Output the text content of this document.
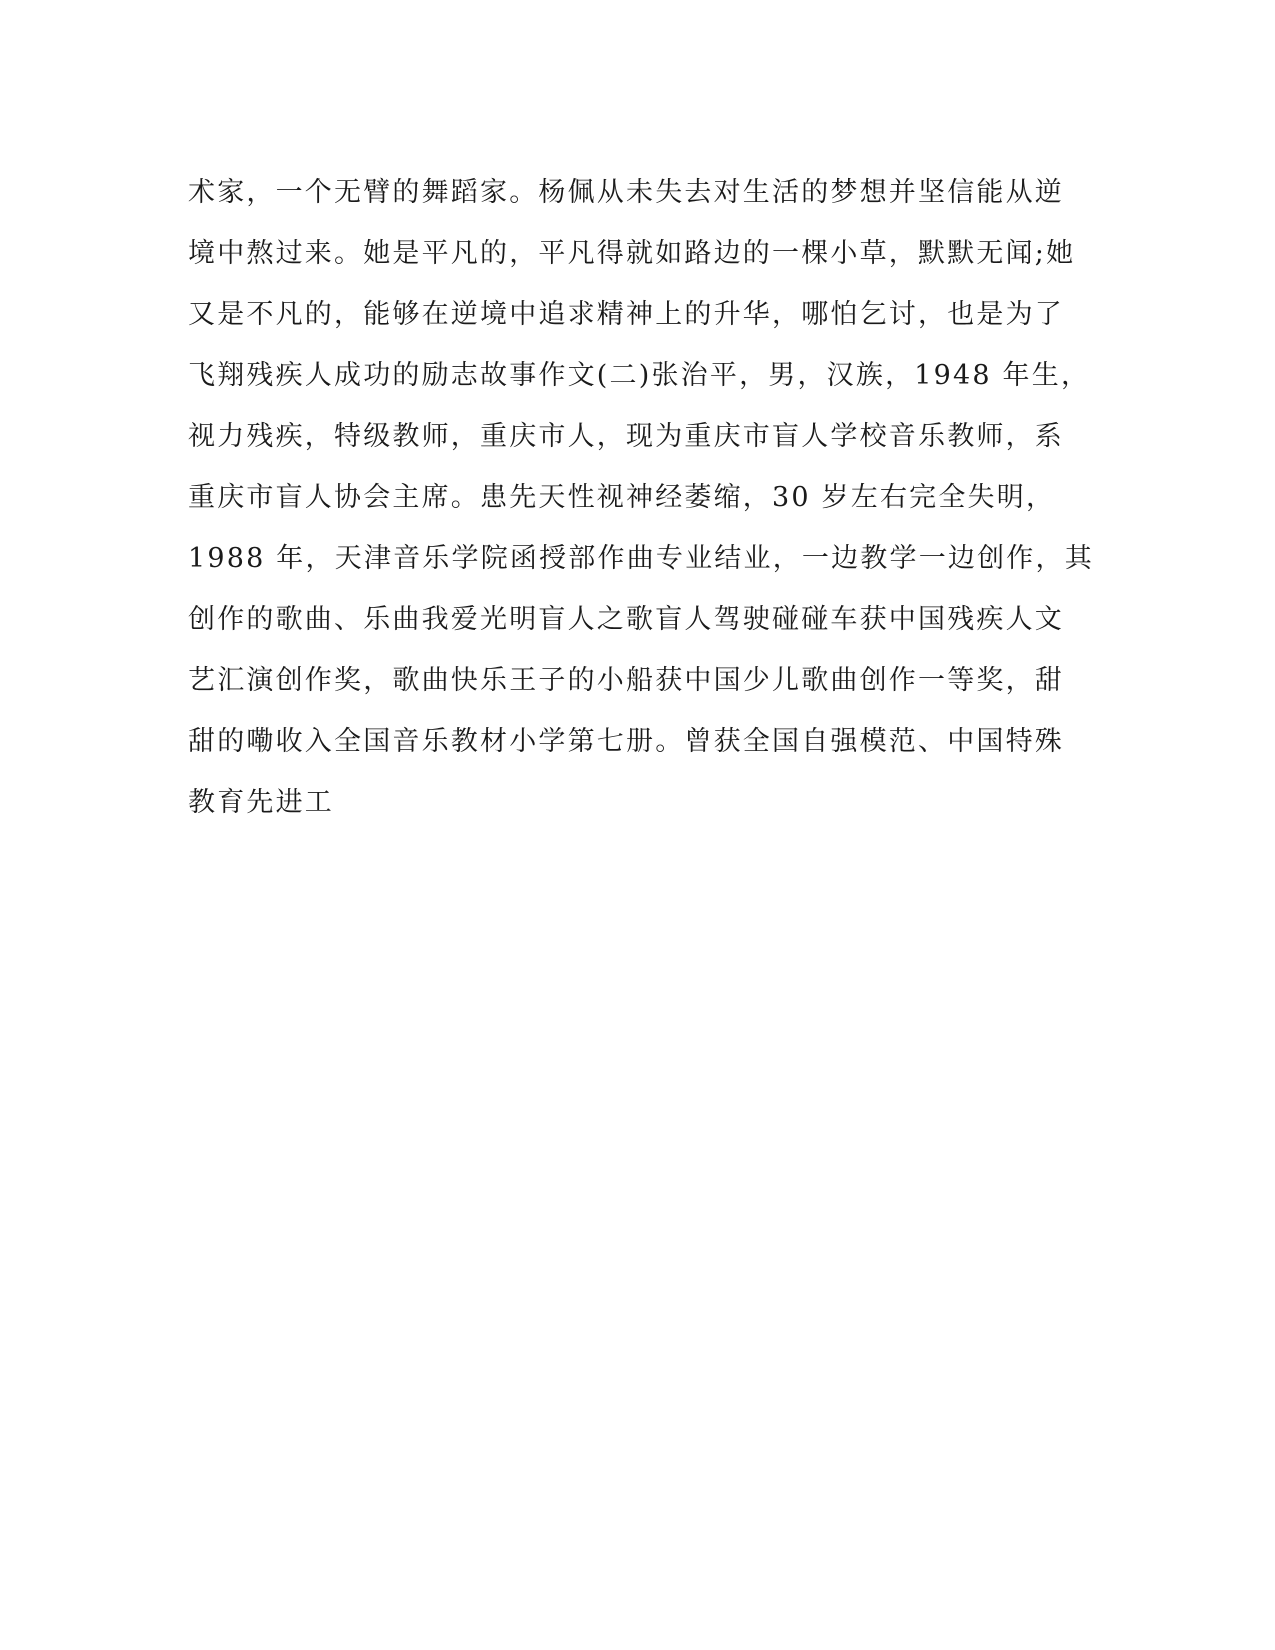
术家，一个无臂的舞蹈家。杨佩从未失去对生活的梦想并坚信能从逆
境中熬过来。她是平凡的，平凡得就如路边的一棵小草，默默无闻;她
又是不凡的，能够在逆境中追求精神上的升华，哪怕乞讨，也是为了
飞翔残疾人成功的励志故事作文(二)张治平，男，汉族，1948 年生，
视力残疾，特级教师，重庆市人，现为重庆市盲人学校音乐教师，系
重庆市盲人协会主席。患先天性视神经萎缩，30 岁左右完全失明，
1988 年，天津音乐学院函授部作曲专业结业，一边教学一边创作，其
创作的歌曲、乐曲我爱光明盲人之歌盲人驾驶碰碰车获中国残疾人文
艺汇演创作奖，歌曲快乐王子的小船获中国少儿歌曲创作一等奖，甜
甜的嘞收入全国音乐教材小学第七册。曾获全国自强模范、中国特殊
教育先进工
